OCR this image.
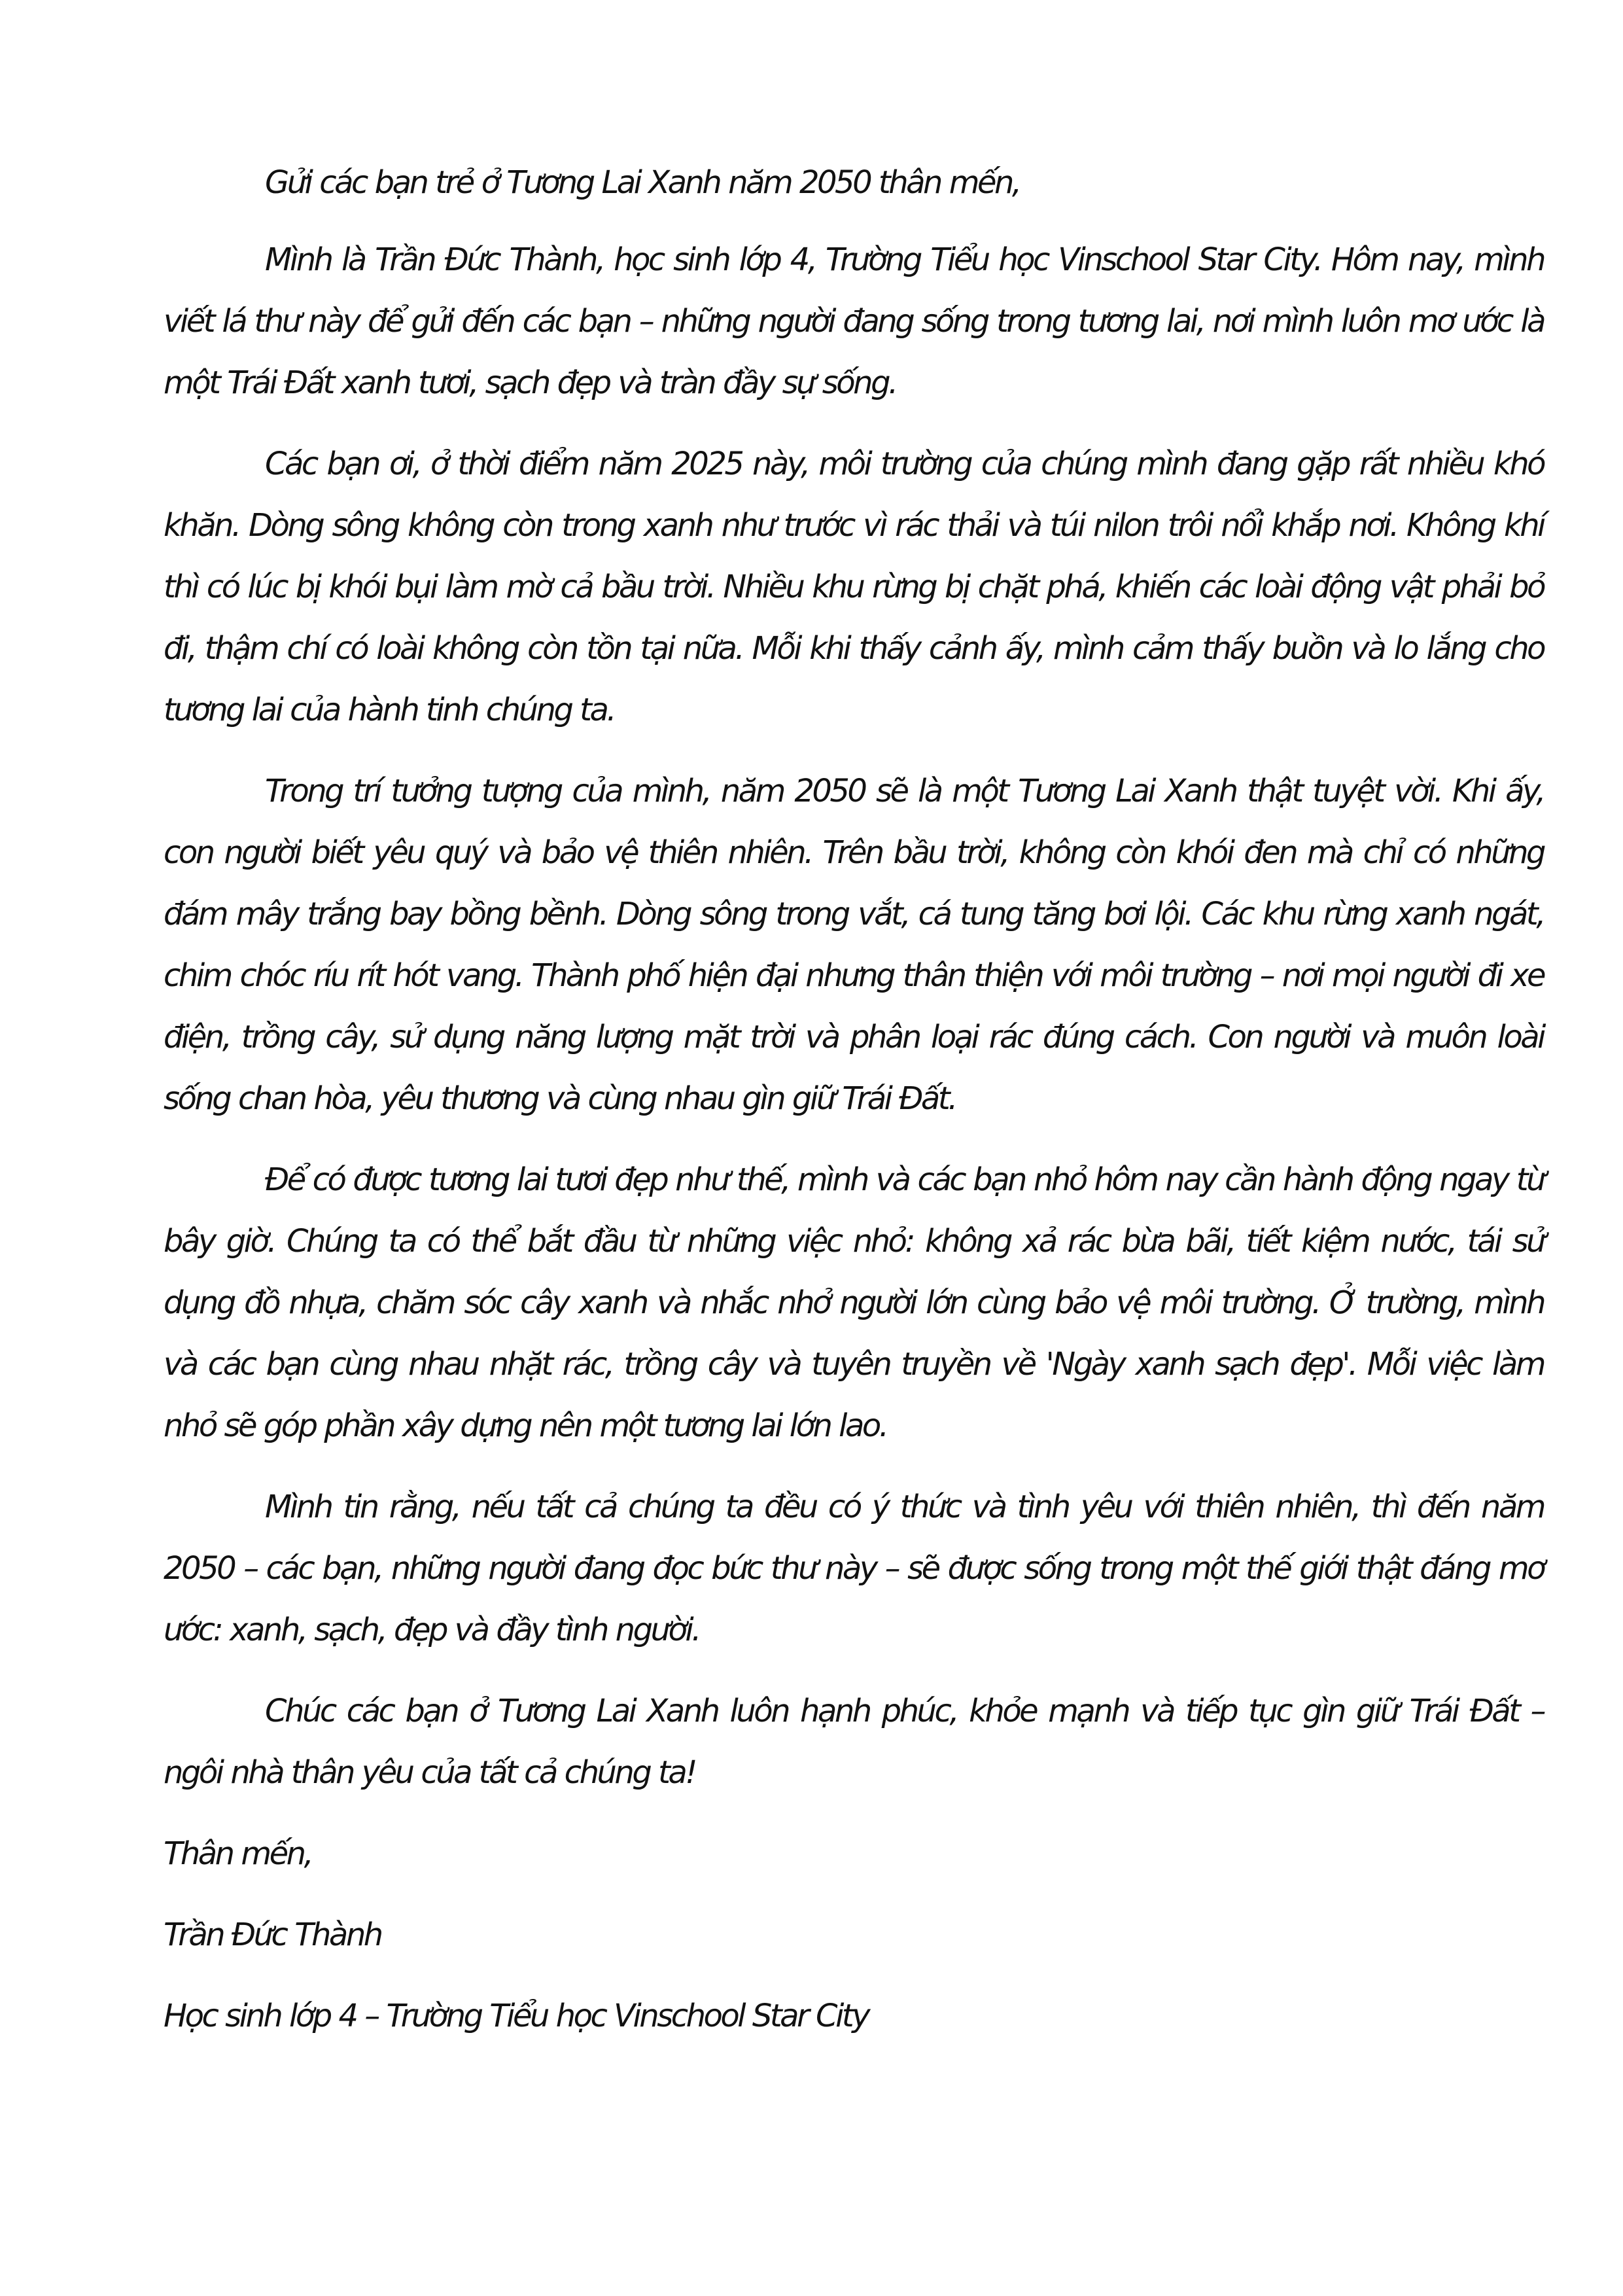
Gửi các bạn trẻ ở Tương Lai Xanh năm 2050 thân mến,

Mình là Trần Đức Thành, học sinh lớp 4, Trường Tiểu học Vinschool Star City. Hôm nay, mình viết lá thư này để gửi đến các bạn – những người đang sống trong tương lai, nơi mình luôn mơ ước là một Trái Đất xanh tươi, sạch đẹp và tràn đầy sự sống.

Các bạn ơi, ở thời điểm năm 2025 này, môi trường của chúng mình đang gặp rất nhiều khó khăn. Dòng sông không còn trong xanh như trước vì rác thải và túi nilon trôi nổi khắp nơi. Không khí thì có lúc bị khói bụi làm mờ cả bầu trời. Nhiều khu rừng bị chặt phá, khiến các loài động vật phải bỏ đi, thậm chí có loài không còn tồn tại nữa. Mỗi khi thấy cảnh ấy, mình cảm thấy buồn và lo lắng cho tương lai của hành tinh chúng ta.

Trong trí tưởng tượng của mình, năm 2050 sẽ là một Tương Lai Xanh thật tuyệt vời. Khi ấy, con người biết yêu quý và bảo vệ thiên nhiên. Trên bầu trời, không còn khói đen mà chỉ có những đám mây trắng bay bồng bềnh. Dòng sông trong vắt, cá tung tăng bơi lội. Các khu rừng xanh ngát, chim chóc ríu rít hót vang. Thành phố hiện đại nhưng thân thiện với môi trường – nơi mọi người đi xe điện, trồng cây, sử dụng năng lượng mặt trời và phân loại rác đúng cách. Con người và muôn loài sống chan hòa, yêu thương và cùng nhau gìn giữ Trái Đất.

Để có được tương lai tươi đẹp như thế, mình và các bạn nhỏ hôm nay cần hành động ngay từ bây giờ. Chúng ta có thể bắt đầu từ những việc nhỏ: không xả rác bừa bãi, tiết kiệm nước, tái sử dụng đồ nhựa, chăm sóc cây xanh và nhắc nhở người lớn cùng bảo vệ môi trường. Ở trường, mình và các bạn cùng nhau nhặt rác, trồng cây và tuyên truyền về 'Ngày xanh sạch đẹp'. Mỗi việc làm nhỏ sẽ góp phần xây dựng nên một tương lai lớn lao.

Mình tin rằng, nếu tất cả chúng ta đều có ý thức và tình yêu với thiên nhiên, thì đến năm 2050 – các bạn, những người đang đọc bức thư này – sẽ được sống trong một thế giới thật đáng mơ ước: xanh, sạch, đẹp và đầy tình người.

Chúc các bạn ở Tương Lai Xanh luôn hạnh phúc, khỏe mạnh và tiếp tục gìn giữ Trái Đất – ngôi nhà thân yêu của tất cả chúng ta!

Thân mến,

Trần Đức Thành

Học sinh lớp 4 – Trường Tiểu học Vinschool Star City
